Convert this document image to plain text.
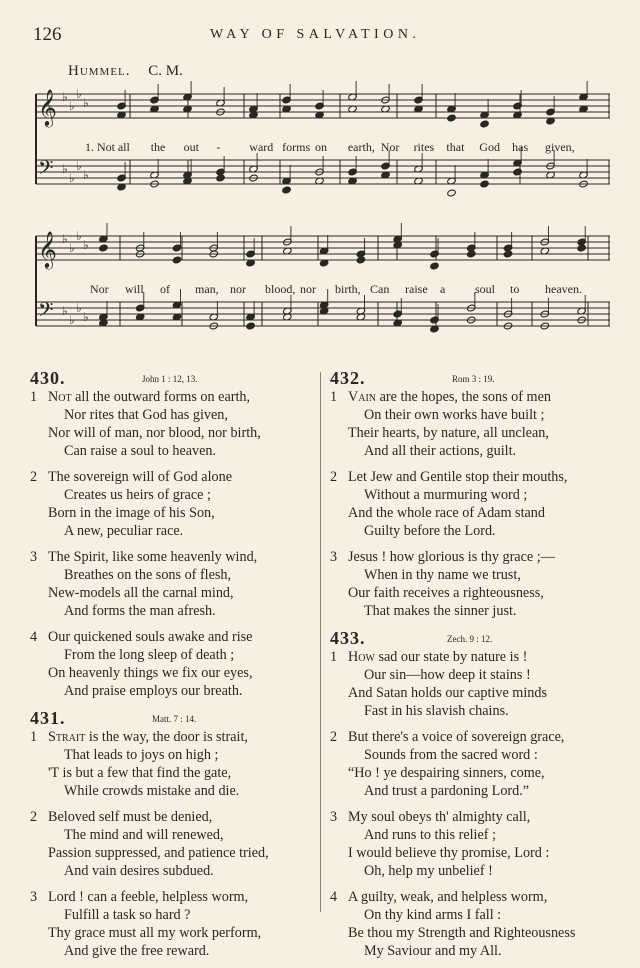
126	WAY OF SALVATION.
Hummel. C. M.
𝄞 ♭
♭
♭
♭
𝄢 ♭
♭
♭
♭
𝄞 ♭
♭
♭
♭
𝄢 ♭
♭
♭
♭
1. Not all the out - ward forms on earth, Nor rites that God has given,
Nor will of man, nor blood, nor birth, Can raise a soul to heaven.
430.	John 1 : 12, 13.
1 Not all the outward forms on earth,
Nor rites that God has given,
Nor will of man, nor blood, nor birth,
Can raise a soul to heaven.
2 The sovereign will of God alone
Creates us heirs of grace ;
Born in the image of his Son,
A new, peculiar race.
3 The Spirit, like some heavenly wind,
Breathes on the sons of flesh,
New-models all the carnal mind,
And forms the man afresh.
4 Our quickened souls awake and rise
From the long sleep of death ;
On heavenly things we fix our eyes,
And praise employs our breath.
431.	Matt. 7 : 14.
1 Strait is the way, the door is strait,
That leads to joys on high ;
'T is but a few that find the gate,
While crowds mistake and die.
2 Beloved self must be denied,
The mind and will renewed,
Passion suppressed, and patience tried,
And vain desires subdued.
3 Lord ! can a feeble, helpless worm,
Fulfill a task so hard ?
Thy grace must all my work perform,
And give the free reward.
432.	Rom 3 : 19.
1 Vain are the hopes, the sons of men
On their own works have built ;
Their hearts, by nature, all unclean,
And all their actions, guilt.
2 Let Jew and Gentile stop their mouths,
Without a murmuring word ;
And the whole race of Adam stand
Guilty before the Lord.
3 Jesus ! how glorious is thy grace ;—
When in thy name we trust,
Our faith receives a righteousness,
That makes the sinner just.
433.	Zech. 9 : 12.
1 How sad our state by nature is !
Our sin—how deep it stains !
And Satan holds our captive minds
Fast in his slavish chains.
2 But there's a voice of sovereign grace,
Sounds from the sacred word :
“Ho ! ye despairing sinners, come,
And trust a pardoning Lord.”
3 My soul obeys th' almighty call,
And runs to this relief ;
I would believe thy promise, Lord :
Oh, help my unbelief !
4 A guilty, weak, and helpless worm,
On thy kind arms I fall :
Be thou my Strength and Righteousness
My Saviour and my All.
